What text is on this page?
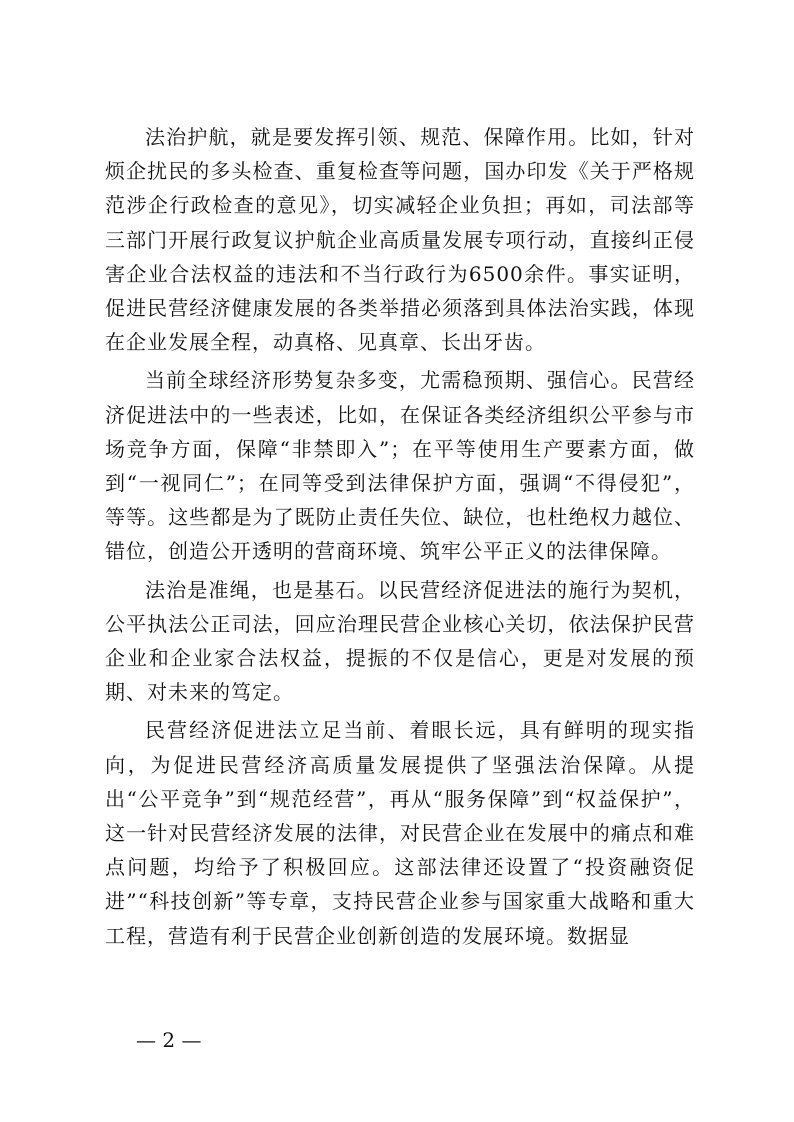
法治护航，就是要发挥引领、规范、保障作用。比如，针对烦企扰民的多头检查、重复检查等问题，国办印发《关于严格规范涉企行政检查的意见》，切实减轻企业负担；再如，司法部等三部门开展行政复议护航企业高质量发展专项行动，直接纠正侵害企业合法权益的违法和不当行政行为6500余件。事实证明，促进民营经济健康发展的各类举措必须落到具体法治实践，体现在企业发展全程，动真格、见真章、长出牙齿。

当前全球经济形势复杂多变，尤需稳预期、强信心。民营经济促进法中的一些表述，比如，在保证各类经济组织公平参与市场竞争方面，保障“非禁即入”；在平等使用生产要素方面，做到“一视同仁”；在同等受到法律保护方面，强调“不得侵犯”，等等。这些都是为了既防止责任失位、缺位，也杜绝权力越位、错位，创造公开透明的营商环境、筑牢公平正义的法律保障。

法治是准绳，也是基石。以民营经济促进法的施行为契机，公平执法公正司法，回应治理民营企业核心关切，依法保护民营企业和企业家合法权益，提振的不仅是信心，更是对发展的预期、对未来的笃定。

民营经济促进法立足当前、着眼长远，具有鲜明的现实指向，为促进民营经济高质量发展提供了坚强法治保障。从提出“公平竞争”到“规范经营”，再从“服务保障”到“权益保护”，这一针对民营经济发展的法律，对民营企业在发展中的痛点和难点问题，均给予了积极回应。这部法律还设置了“投资融资促进”“科技创新”等专章，支持民营企业参与国家重大战略和重大工程，营造有利于民营企业创新创造的发展环境。数据显

— 2 —
